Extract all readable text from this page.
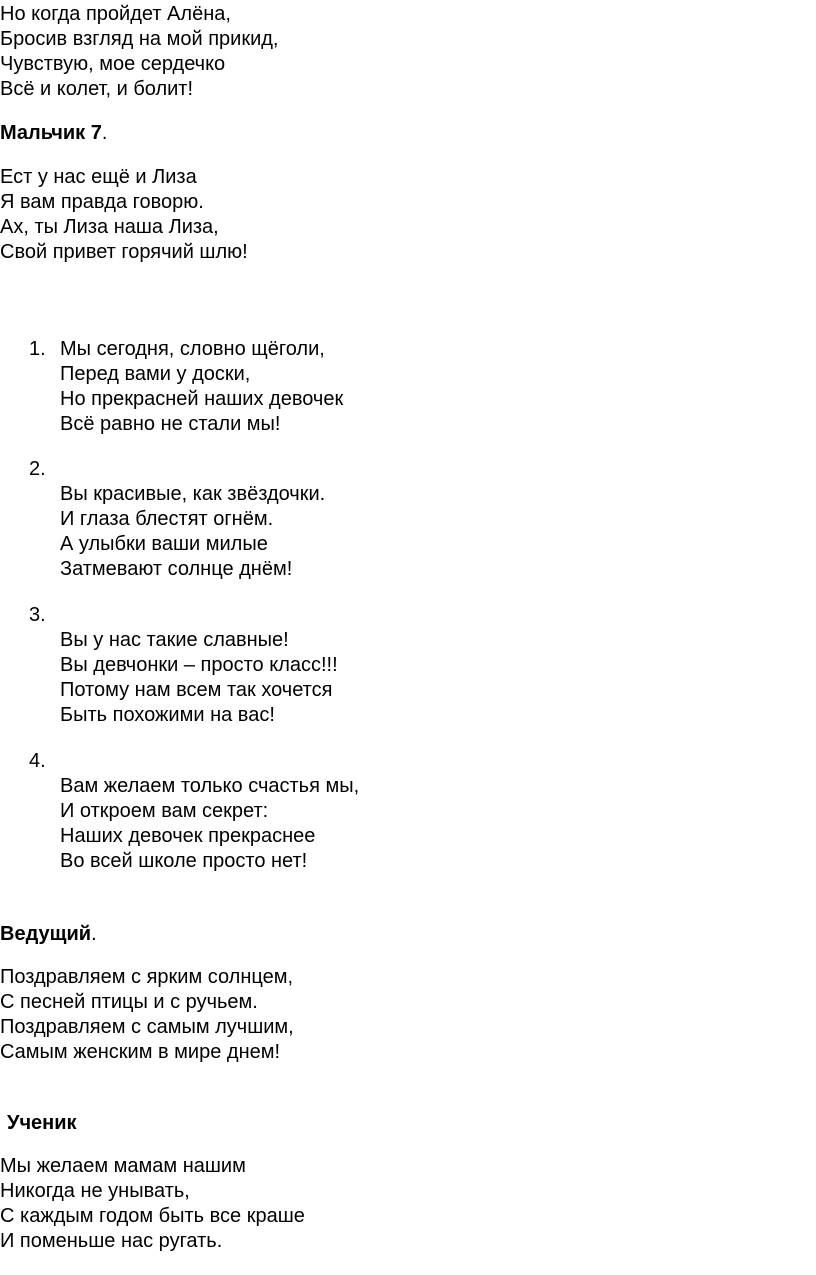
Но когда пройдет Алёна,
Бросив взгляд на мой прикид,
Чувствую, мое сердечко
Всё и колет, и болит!
Мальчик 7.
Ест у нас ещё и Лиза
Я вам правда говорю.
Ах, ты Лиза наша Лиза,
Свой привет горячий шлю!
1. Мы сегодня, словно щёголи,
Перед вами у доски,
Но прекрасней наших девочек
Всё равно не стали мы!
2.
Вы красивые, как звёздочки.
И глаза блестят огнём.
А улыбки ваши милые
Затмевают солнце днём!
3.
Вы у нас такие славные!
Вы девчонки – просто класс!!!
Потому нам всем так хочется
Быть похожими на вас!
4.
Вам желаем только счастья мы,
И откроем вам секрет:
Наших девочек прекраснее
Во всей школе просто нет!
Ведущий.
Поздравляем с ярким солнцем,
С песней птицы и с ручьем.
Поздравляем с самым лучшим,
Самым женским в мире днем!
Ученик
Мы желаем мамам нашим
Никогда не унывать,
С каждым годом быть все краше
И поменьше нас ругать.
